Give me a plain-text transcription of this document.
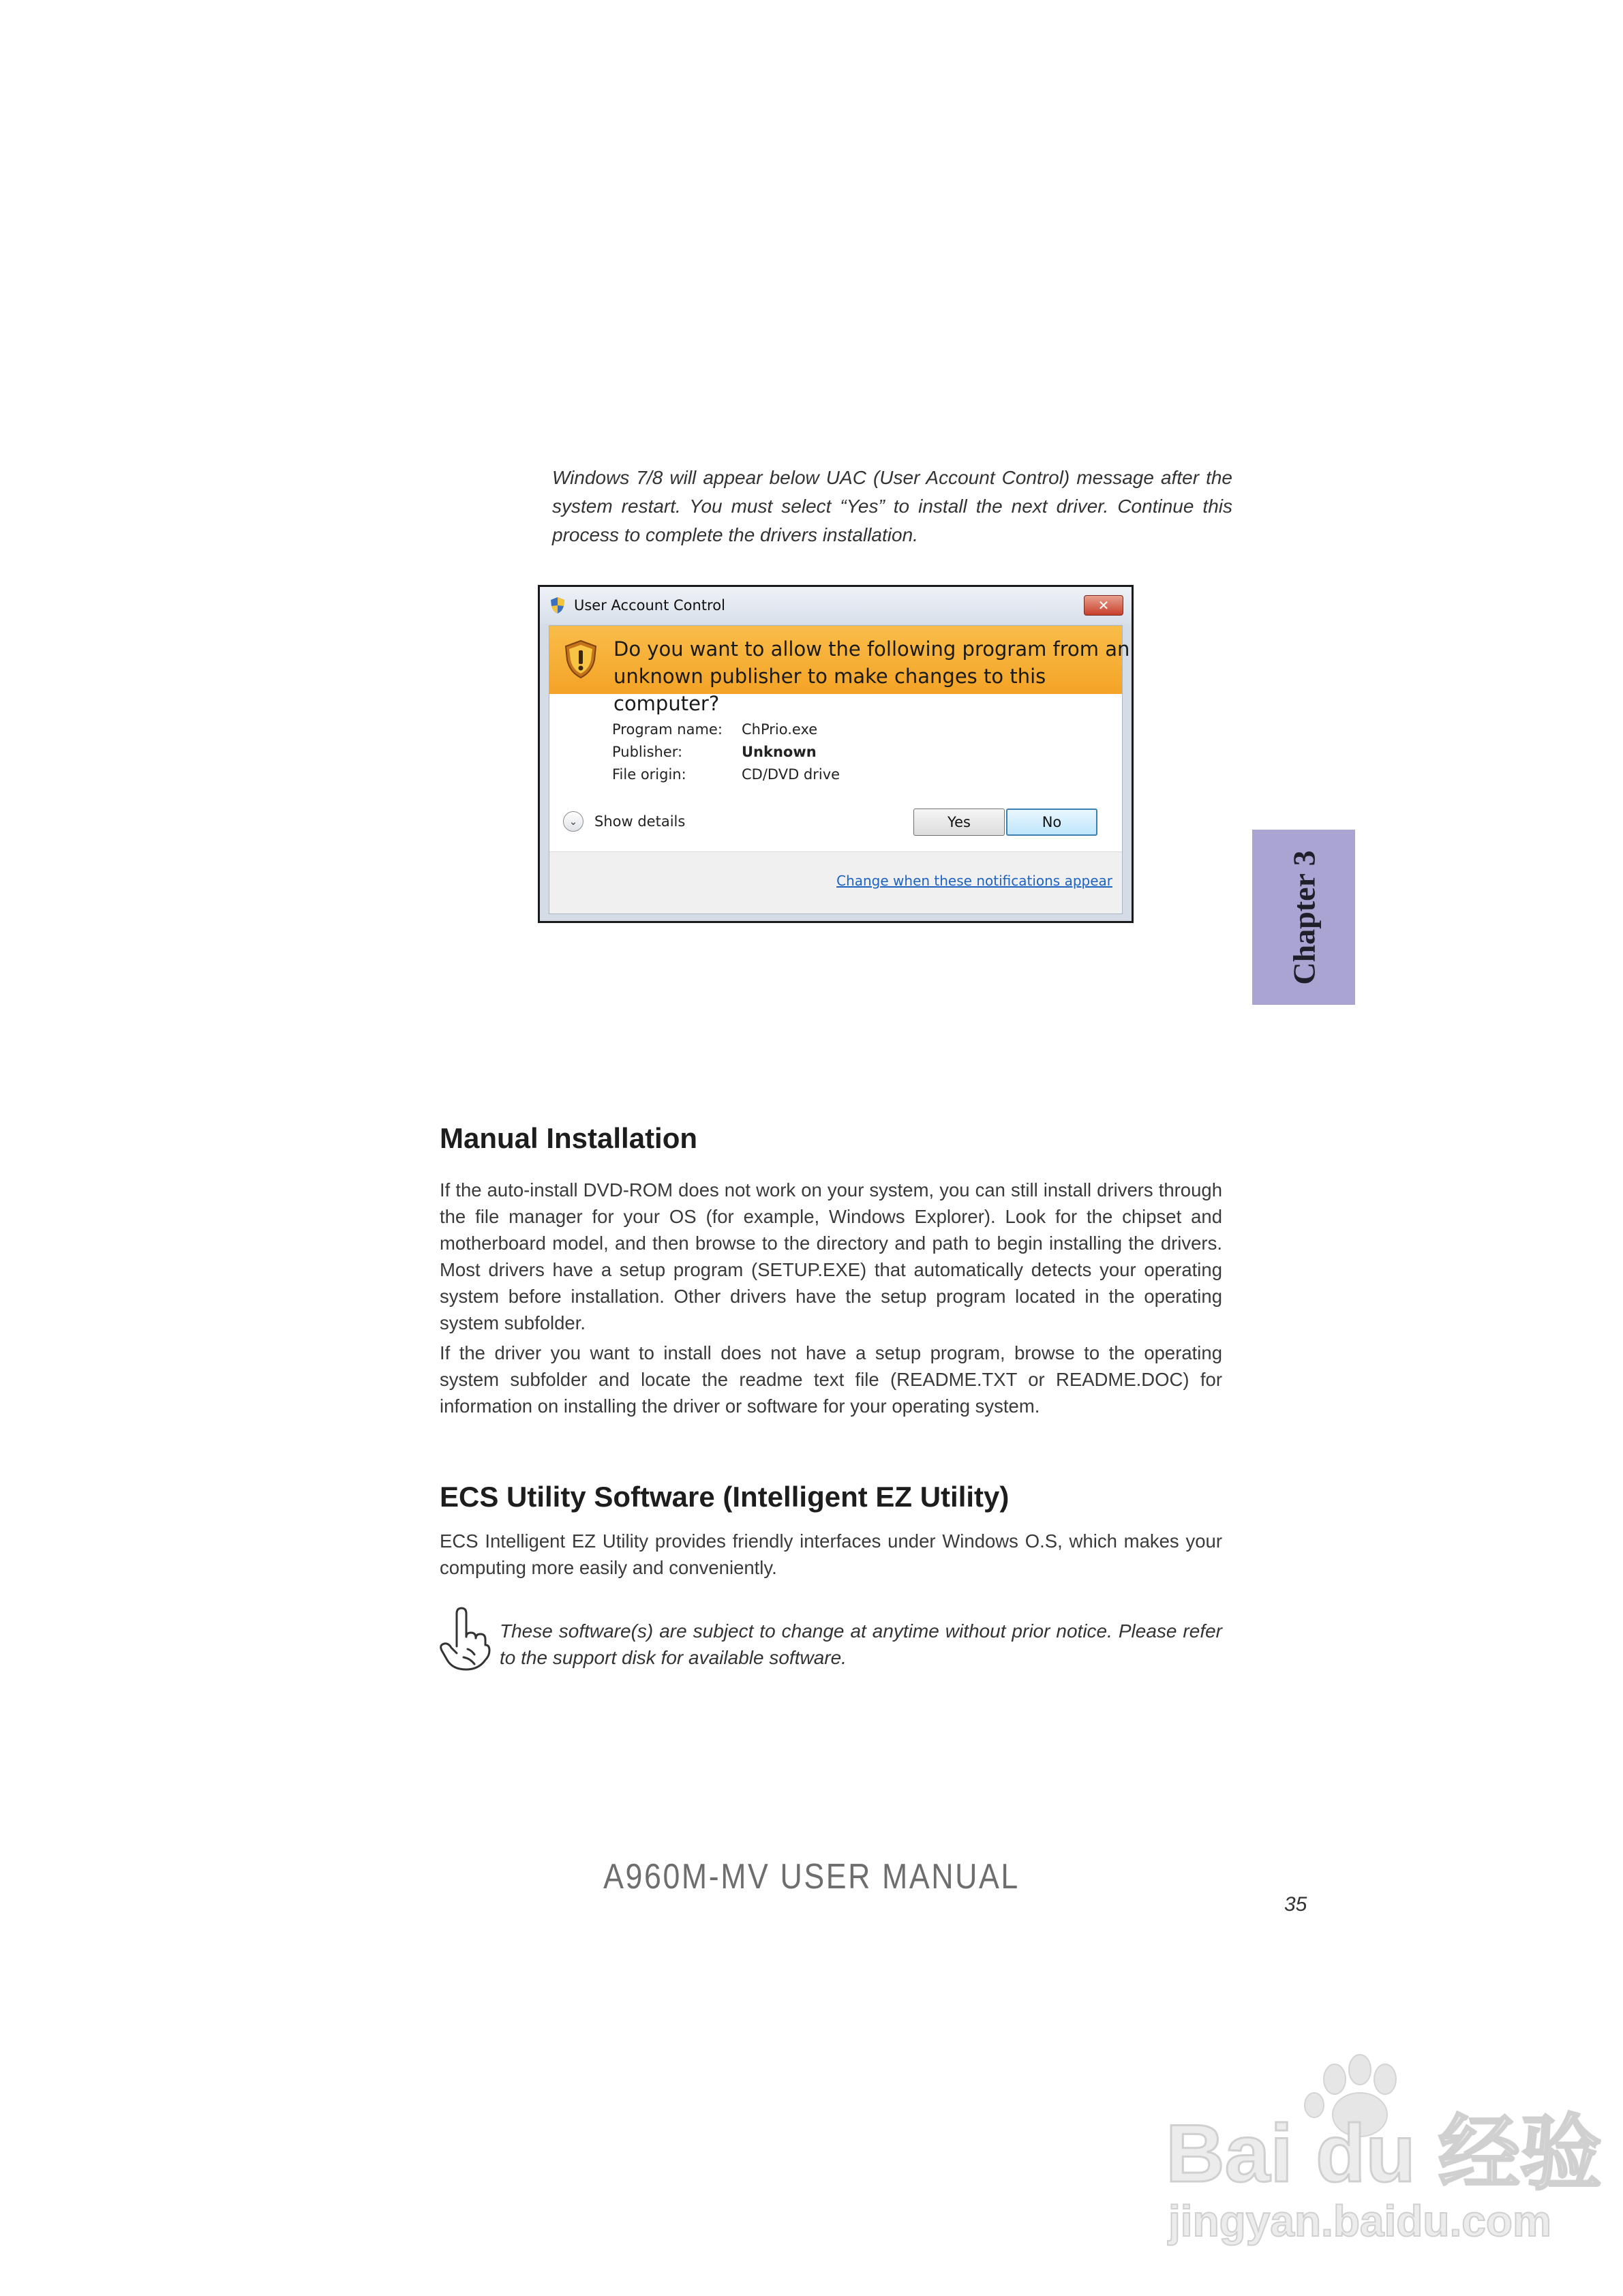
Windows 7/8 will appear below UAC (User Account Control) message after the system restart. You must select “Yes” to install the next driver. Continue this process to complete the drivers installation.
User Account Control	✕
Do you want to allow the following program from an unknown publisher to make changes to this computer?
Program name:	ChPrio.exe
Publisher:	Unknown
File origin:	CD/DVD drive
⌄	Show details	Yes	No
Change when these notifications appear	Chapter 3
Manual Installation

If the auto-install DVD-ROM does not work on your system, you can still install drivers through the file manager for your OS (for example, Windows Explorer). Look for the chipset and motherboard model, and then browse to the directory and path to begin installing the drivers. Most drivers have a setup program (SETUP.EXE) that automatically detects your operating system before installation. Other drivers have the setup program located in the operating system subfolder.

If the driver you want to install does not have a setup program, browse to the operating system subfolder and locate the readme text file (README.TXT or README.DOC) for information on installing the driver or software for your operating system.

ECS Utility Software (Intelligent EZ Utility)

ECS Intelligent EZ Utility provides friendly interfaces under Windows O.S, which makes your computing more easily and conveniently.

These software(s) are subject to change at anytime without prior notice. Please refer to the support disk for available software.
A960M-MV USER MANUAL
35
Bai du 经验
jingyan.baidu.com
